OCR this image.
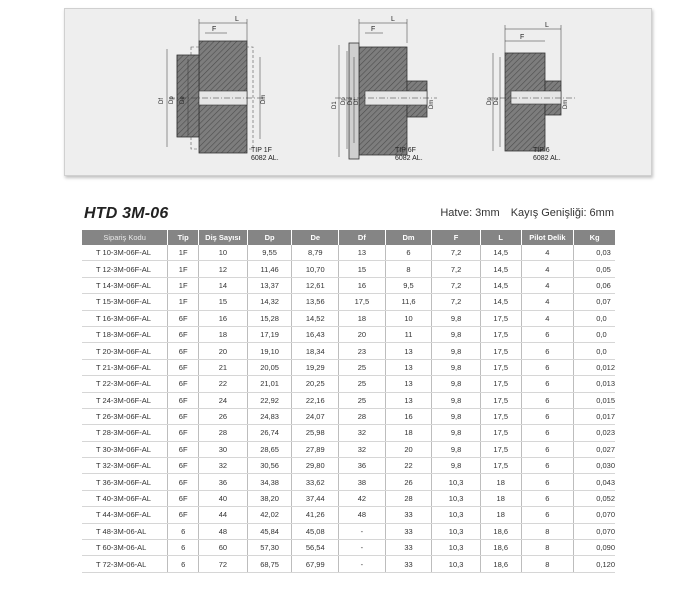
L
F
Df Dp De	Dm
L
F
D1
Dp De Df	Dm
L
F
Dp De	Dm
TIP 1F
6082 AL.
TIP 6F
6082 AL.
TIP 6
6082 AL.
HTD 3M-06	Hatve: 3mm Kayış Genişliği: 6mm
Sipariş Kodu	Tip	Diş Sayısı	Dp	De	Df	Dm	F	L	Pilot Delik	Kg
T 10-3M-06F-AL	1F	10	9,55	8,79	13	6	7,2	14,5	4	0,03
T 12-3M-06F-AL	1F	12	11,46	10,70	15	8	7,2	14,5	4	0,05
T 14-3M-06F-AL	1F	14	13,37	12,61	16	9,5	7,2	14,5	4	0,06
T 15-3M-06F-AL	1F	15	14,32	13,56	17,5	11,6	7,2	14,5	4	0,07
T 16-3M-06F-AL	6F	16	15,28	14,52	18	10	9,8	17,5	4	0,0
T 18-3M-06F-AL	6F	18	17,19	16,43	20	11	9,8	17,5	6	0,0
T 20-3M-06F-AL	6F	20	19,10	18,34	23	13	9,8	17,5	6	0,0
T 21-3M-06F-AL	6F	21	20,05	19,29	25	13	9,8	17,5	6	0,012
T 22-3M-06F-AL	6F	22	21,01	20,25	25	13	9,8	17,5	6	0,013
T 24-3M-06F-AL	6F	24	22,92	22,16	25	13	9,8	17,5	6	0,015
T 26-3M-06F-AL	6F	26	24,83	24,07	28	16	9,8	17,5	6	0,017
T 28-3M-06F-AL	6F	28	26,74	25,98	32	18	9,8	17,5	6	0,023
T 30-3M-06F-AL	6F	30	28,65	27,89	32	20	9,8	17,5	6	0,027
T 32-3M-06F-AL	6F	32	30,56	29,80	36	22	9,8	17,5	6	0,030
T 36-3M-06F-AL	6F	36	34,38	33,62	38	26	10,3	18	6	0,043
T 40-3M-06F-AL	6F	40	38,20	37,44	42	28	10,3	18	6	0,052
T 44-3M-06F-AL	6F	44	42,02	41,26	48	33	10,3	18	6	0,070
T 48-3M-06-AL	6	48	45,84	45,08	-	33	10,3	18,6	8	0,070
T 60-3M-06-AL	6	60	57,30	56,54	-	33	10,3	18,6	8	0,090
T 72-3M-06-AL	6	72	68,75	67,99	-	33	10,3	18,6	8	0,120
